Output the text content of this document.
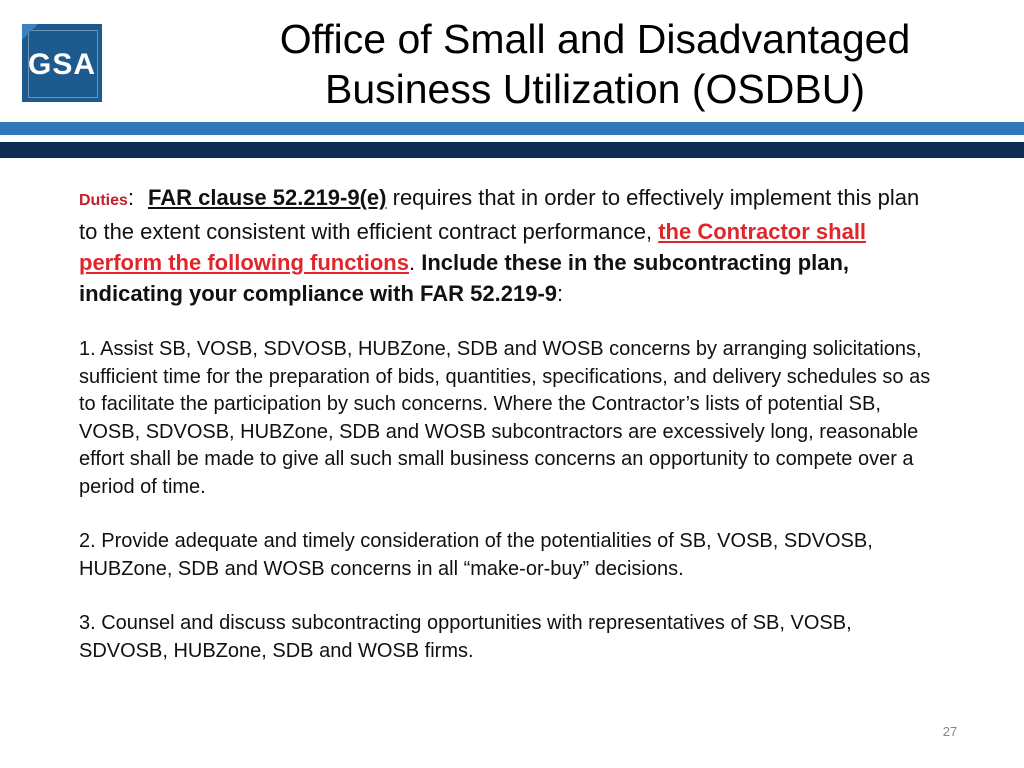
GSA
Office of Small and Disadvantaged
Business Utilization (OSDBU)

Duties: FAR clause 52.219-9(e) requires that in order to effectively implement this plan to the extent consistent with efficient contract performance, the Contractor shall perform the following functions. Include these in the subcontracting plan, indicating your compliance with FAR 52.219-9:

1. Assist SB, VOSB, SDVOSB, HUBZone, SDB and WOSB concerns by arranging solicitations, sufficient time for the preparation of bids, quantities, specifications, and delivery schedules so as to facilitate the participation by such concerns. Where the Contractor’s lists of potential SB, VOSB, SDVOSB, HUBZone, SDB and WOSB subcontractors are excessively long, reasonable effort shall be made to give all such small business concerns an opportunity to compete over a period of time.

2. Provide adequate and timely consideration of the potentialities of SB, VOSB, SDVOSB, HUBZone, SDB and WOSB concerns in all “make-or-buy” decisions.

3. Counsel and discuss subcontracting opportunities with representatives of SB, VOSB, SDVOSB, HUBZone, SDB and WOSB firms.

27
